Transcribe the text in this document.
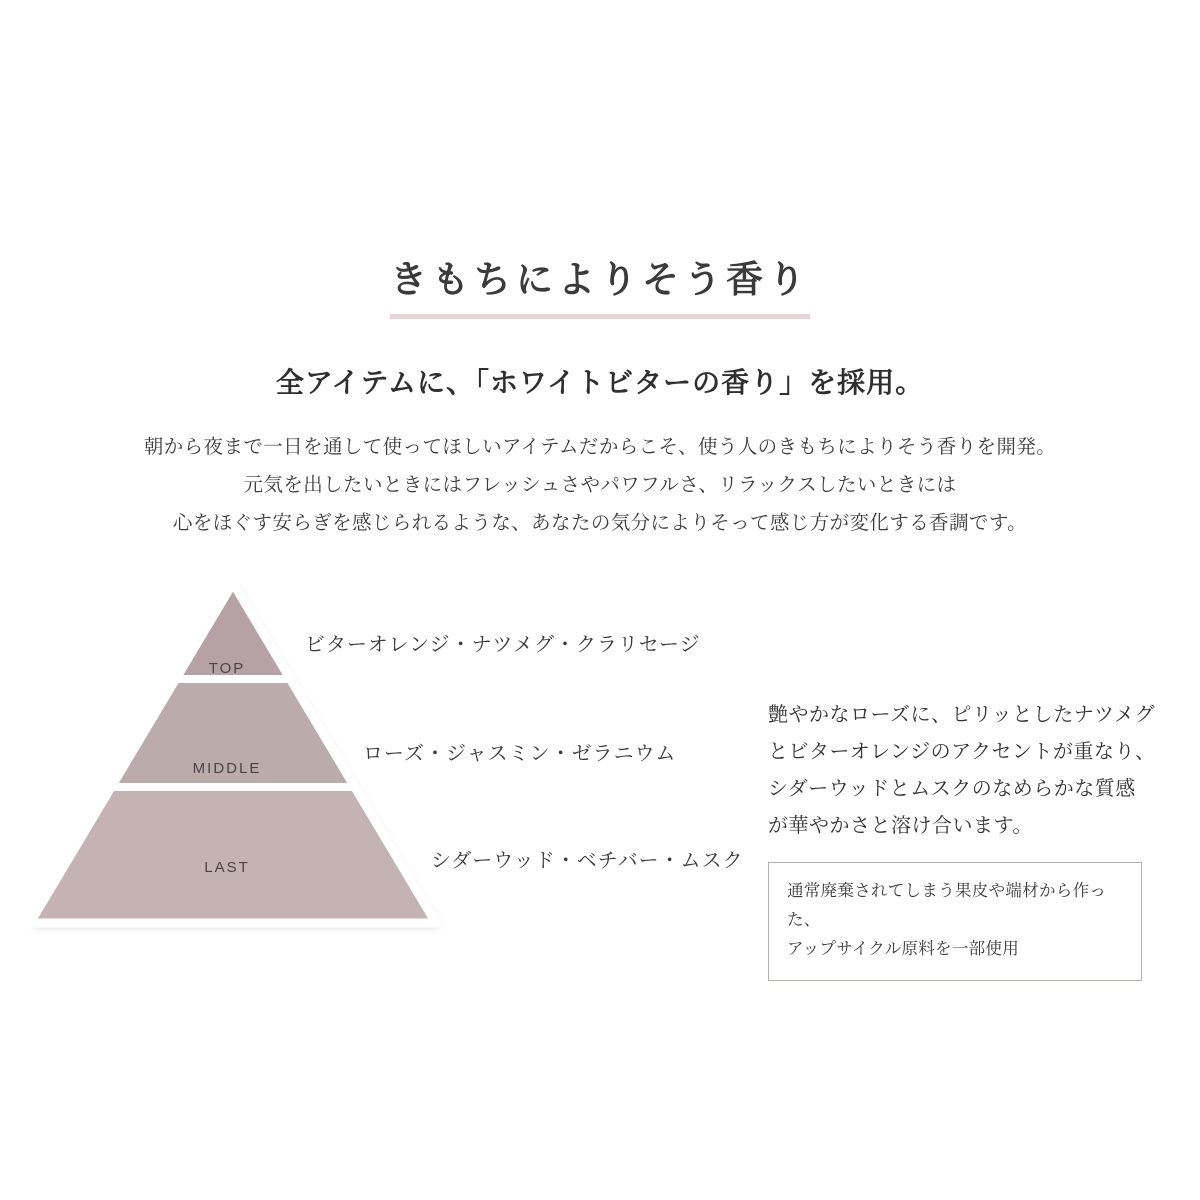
きもちによりそう香り
全アイテムに、「ホワイトビターの香り」を採用。

朝から夜まで一日を通して使ってほしいアイテムだからこそ、使う人のきもちによりそう香りを開発。

元気を出したいときにはフレッシュさやパワフルさ、リラックスしたいときには

心をほぐす安らぎを感じられるような、あなたの気分によりそって感じ方が変化する香調です。

TOP
MIDDLE
LAST
ビターオレンジ・ナツメグ・クラリセージ
ローズ・ジャスミン・ゼラニウム
シダーウッド・ベチバー・ムスク

艶やかなローズに、ピリッとしたナツメグ

とビターオレンジのアクセントが重なり、

シダーウッドとムスクのなめらかな質感

が華やかさと溶け合います。

通常廃棄されてしまう果皮や端材から作った、

アップサイクル原料を一部使用
